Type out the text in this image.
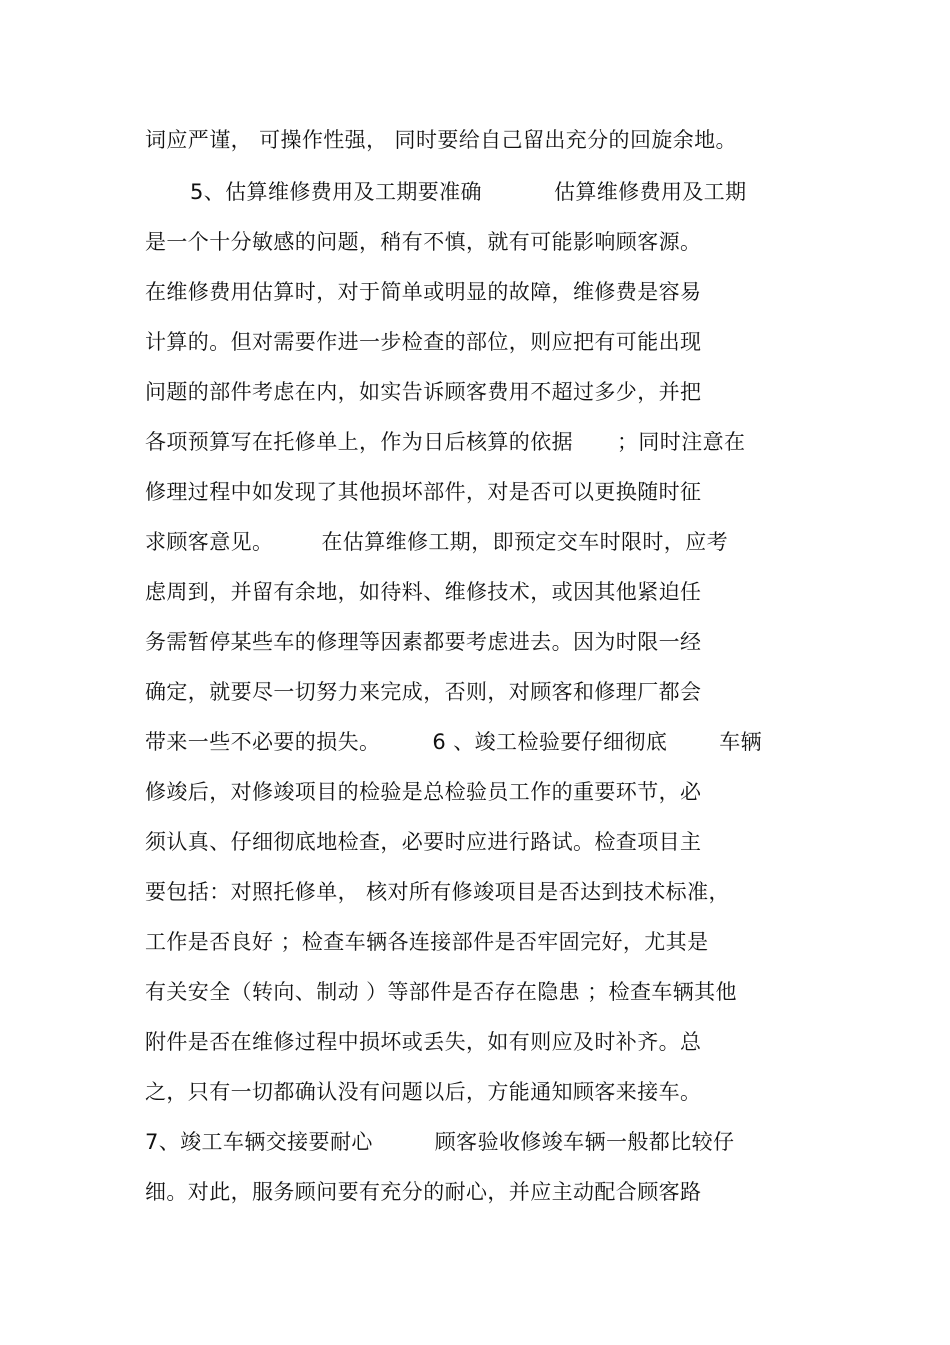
词应严谨， 可操作性强， 同时要给自己留出充分的回旋余地。
5、估算维修费用及工期要准确	估算维修费用及工期
是一个十分敏感的问题，稍有不慎，就有可能影响顾客源。
在维修费用估算时，对于简单或明显的故障，维修费是容易
计算的。但对需要作进一步检查的部位，则应把有可能出现
问题的部件考虑在内，如实告诉顾客费用不超过多少，并把
各项预算写在托修单上，作为日后核算的依据 ；同时注意在
修理过程中如发现了其他损坏部件，对是否可以更换随时征
求顾客意见。 在估算维修工期，即预定交车时限时，应考
虑周到，并留有余地，如待料、维修技术，或因其他紧迫任
务需暂停某些车的修理等因素都要考虑进去。因为时限一经
确定，就要尽一切努力来完成，否则，对顾客和修理厂都会
带来一些不必要的损失。 6 、竣工检验要仔细彻底 车辆
修竣后，对修竣项目的检验是总检验员工作的重要环节，必
须认真、仔细彻底地检查，必要时应进行路试。检查项目主
要包括：对照托修单， 核对所有修竣项目是否达到技术标准，
工作是否良好 ；检查车辆各连接部件是否牢固完好，尤其是
有关安全（转向、制动 ）等部件是否存在隐患 ；检查车辆其他
附件是否在维修过程中损坏或丢失，如有则应及时补齐。总
之，只有一切都确认没有问题以后，方能通知顾客来接车。
7、竣工车辆交接要耐心	顾客验收修竣车辆一般都比较仔
细。对此，服务顾问要有充分的耐心，并应主动配合顾客路
